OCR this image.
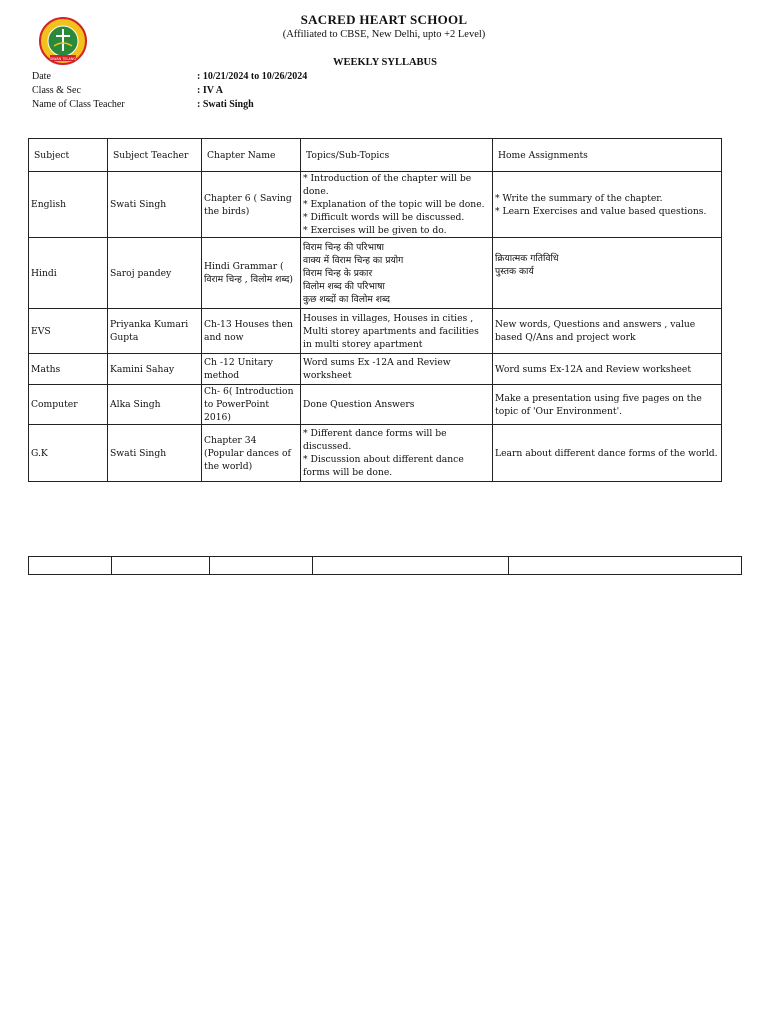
SIWAN TELANG
SACRED HEART SCHOOL
(Affiliated to CBSE, New Delhi, upto +2 Level)
WEEKLY SYLLABUS
Date	: 10/21/2024 to 10/26/2024
Class & Sec	: IV A
Name of Class Teacher	: Swati Singh
Subject	Subject Teacher	Chapter Name	Topics/Sub-Topics	Home Assignments
English	Swati Singh	Chapter 6 ( Saving the birds)	* Introduction of the chapter will be done.
* Explanation of the topic will be done.
* Difficult words will be discussed.
* Exercises will be given to do.	* Write the summary of the chapter.
* Learn Exercises and value based questions.

Hindi	Saroj pandey	Hindi Grammar ( विराम चिन्ह , विलोम शब्द)	विराम चिन्ह की परिभाषा
वाक्य में विराम चिन्ह का प्रयोग
विराम चिन्ह के प्रकार
विलोम शब्द की परिभाषा
कुछ शब्दों का विलोम शब्द	क्रियात्मक गतिविधि
पुस्तक कार्य

EVS	Priyanka Kumari Gupta	Ch-13 Houses then and now	Houses in villages, Houses in cities , Multi storey apartments and facilities in multi storey apartment	New words, Questions and answers , value based Q/Ans and project work
Maths	Kamini Sahay	Ch -12 Unitary method	Word sums Ex -12A and Review worksheet	Word sums Ex-12A and Review worksheet
Computer	Alka Singh	Ch- 6( Introduction to PowerPoint 2016)	Done Question Answers	Make a presentation using five pages on the topic of 'Our Environment'.
G.K	Swati Singh	Chapter 34 (Popular dances of the world)	* Different dance forms will be discussed.
* Discussion about different dance forms will be done.	Learn about different dance forms of the world.
